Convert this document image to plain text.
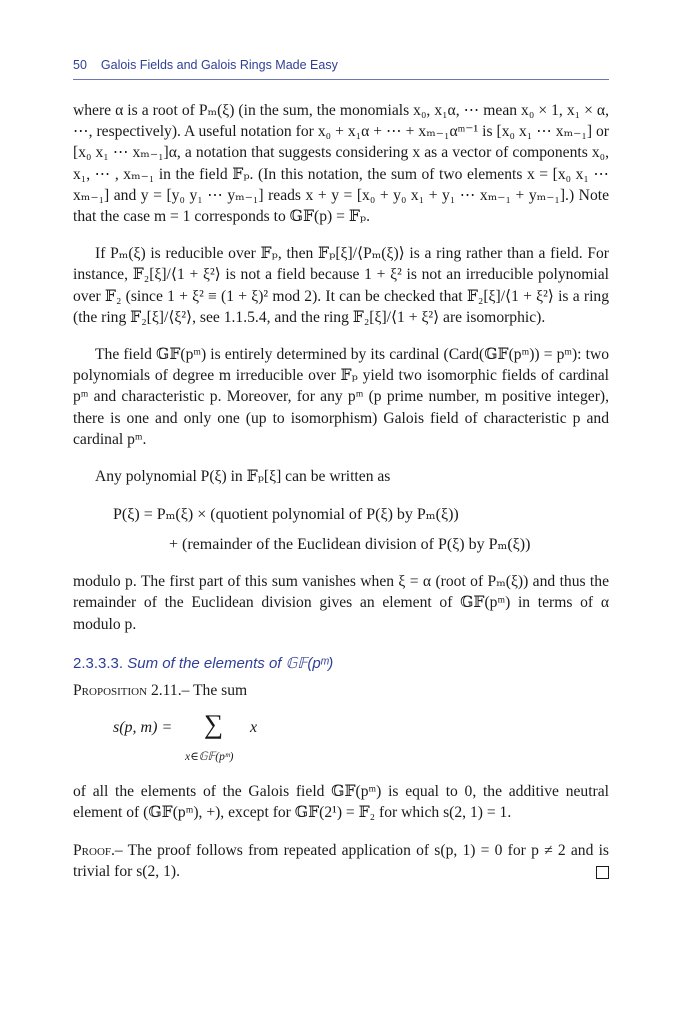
50 Galois Fields and Galois Rings Made Easy

where α is a root of Pₘ(ξ) (in the sum, the monomials x₀, x₁α, ⋯ mean x₀ × 1, x₁ × α, ⋯, respectively). A useful notation for x₀ + x₁α + ⋯ + xₘ₋₁αᵐ⁻¹ is [x₀ x₁ ⋯ xₘ₋₁] or [x₀ x₁ ⋯ xₘ₋₁]α, a notation that suggests considering x as a vector of components x₀, x₁, ⋯ , xₘ₋₁ in the field 𝔽ₚ. (In this notation, the sum of two elements x = [x₀ x₁ ⋯ xₘ₋₁] and y = [y₀ y₁ ⋯ yₘ₋₁] reads x + y = [x₀ + y₀ x₁ + y₁ ⋯ xₘ₋₁ + yₘ₋₁].) Note that the case m = 1 corresponds to 𝔾𝔽(p) = 𝔽ₚ.

If Pₘ(ξ) is reducible over 𝔽ₚ, then 𝔽ₚ[ξ]/⟨Pₘ(ξ)⟩ is a ring rather than a field. For instance, 𝔽₂[ξ]/⟨1 + ξ²⟩ is not a field because 1 + ξ² is not an irreducible polynomial over 𝔽₂ (since 1 + ξ² ≡ (1 + ξ)² mod 2). It can be checked that 𝔽₂[ξ]/⟨1 + ξ²⟩ is a ring (the ring 𝔽₂[ξ]/⟨ξ²⟩, see 1.1.5.4, and the ring 𝔽₂[ξ]/⟨1 + ξ²⟩ are isomorphic).

The field 𝔾𝔽(pᵐ) is entirely determined by its cardinal (Card(𝔾𝔽(pᵐ)) = pᵐ): two polynomials of degree m irreducible over 𝔽ₚ yield two isomorphic fields of cardinal pᵐ and characteristic p. Moreover, for any pᵐ (p prime number, m positive integer), there is one and only one (up to isomorphism) Galois field of characteristic p and cardinal pᵐ.

Any polynomial P(ξ) in 𝔽ₚ[ξ] can be written as

P(ξ) = Pₘ(ξ) × (quotient polynomial of P(ξ) by Pₘ(ξ))
+ (remainder of the Euclidean division of P(ξ) by Pₘ(ξ))

modulo p. The first part of this sum vanishes when ξ = α (root of Pₘ(ξ)) and thus the remainder of the Euclidean division gives an element of 𝔾𝔽(pᵐ) in terms of α modulo p.

2.3.3.3. Sum of the elements of 𝔾𝔽(pᵐ)

Proposition 2.11.– The sum

s(p, m) = ∑ x
x∈𝔾𝔽(pᵐ)

of all the elements of the Galois field 𝔾𝔽(pᵐ) is equal to 0, the additive neutral element of (𝔾𝔽(pᵐ), +), except for 𝔾𝔽(2¹) = 𝔽₂ for which s(2, 1) = 1.

Proof.– The proof follows from repeated application of s(p, 1) = 0 for p ≠ 2 and is trivial for s(2, 1).
